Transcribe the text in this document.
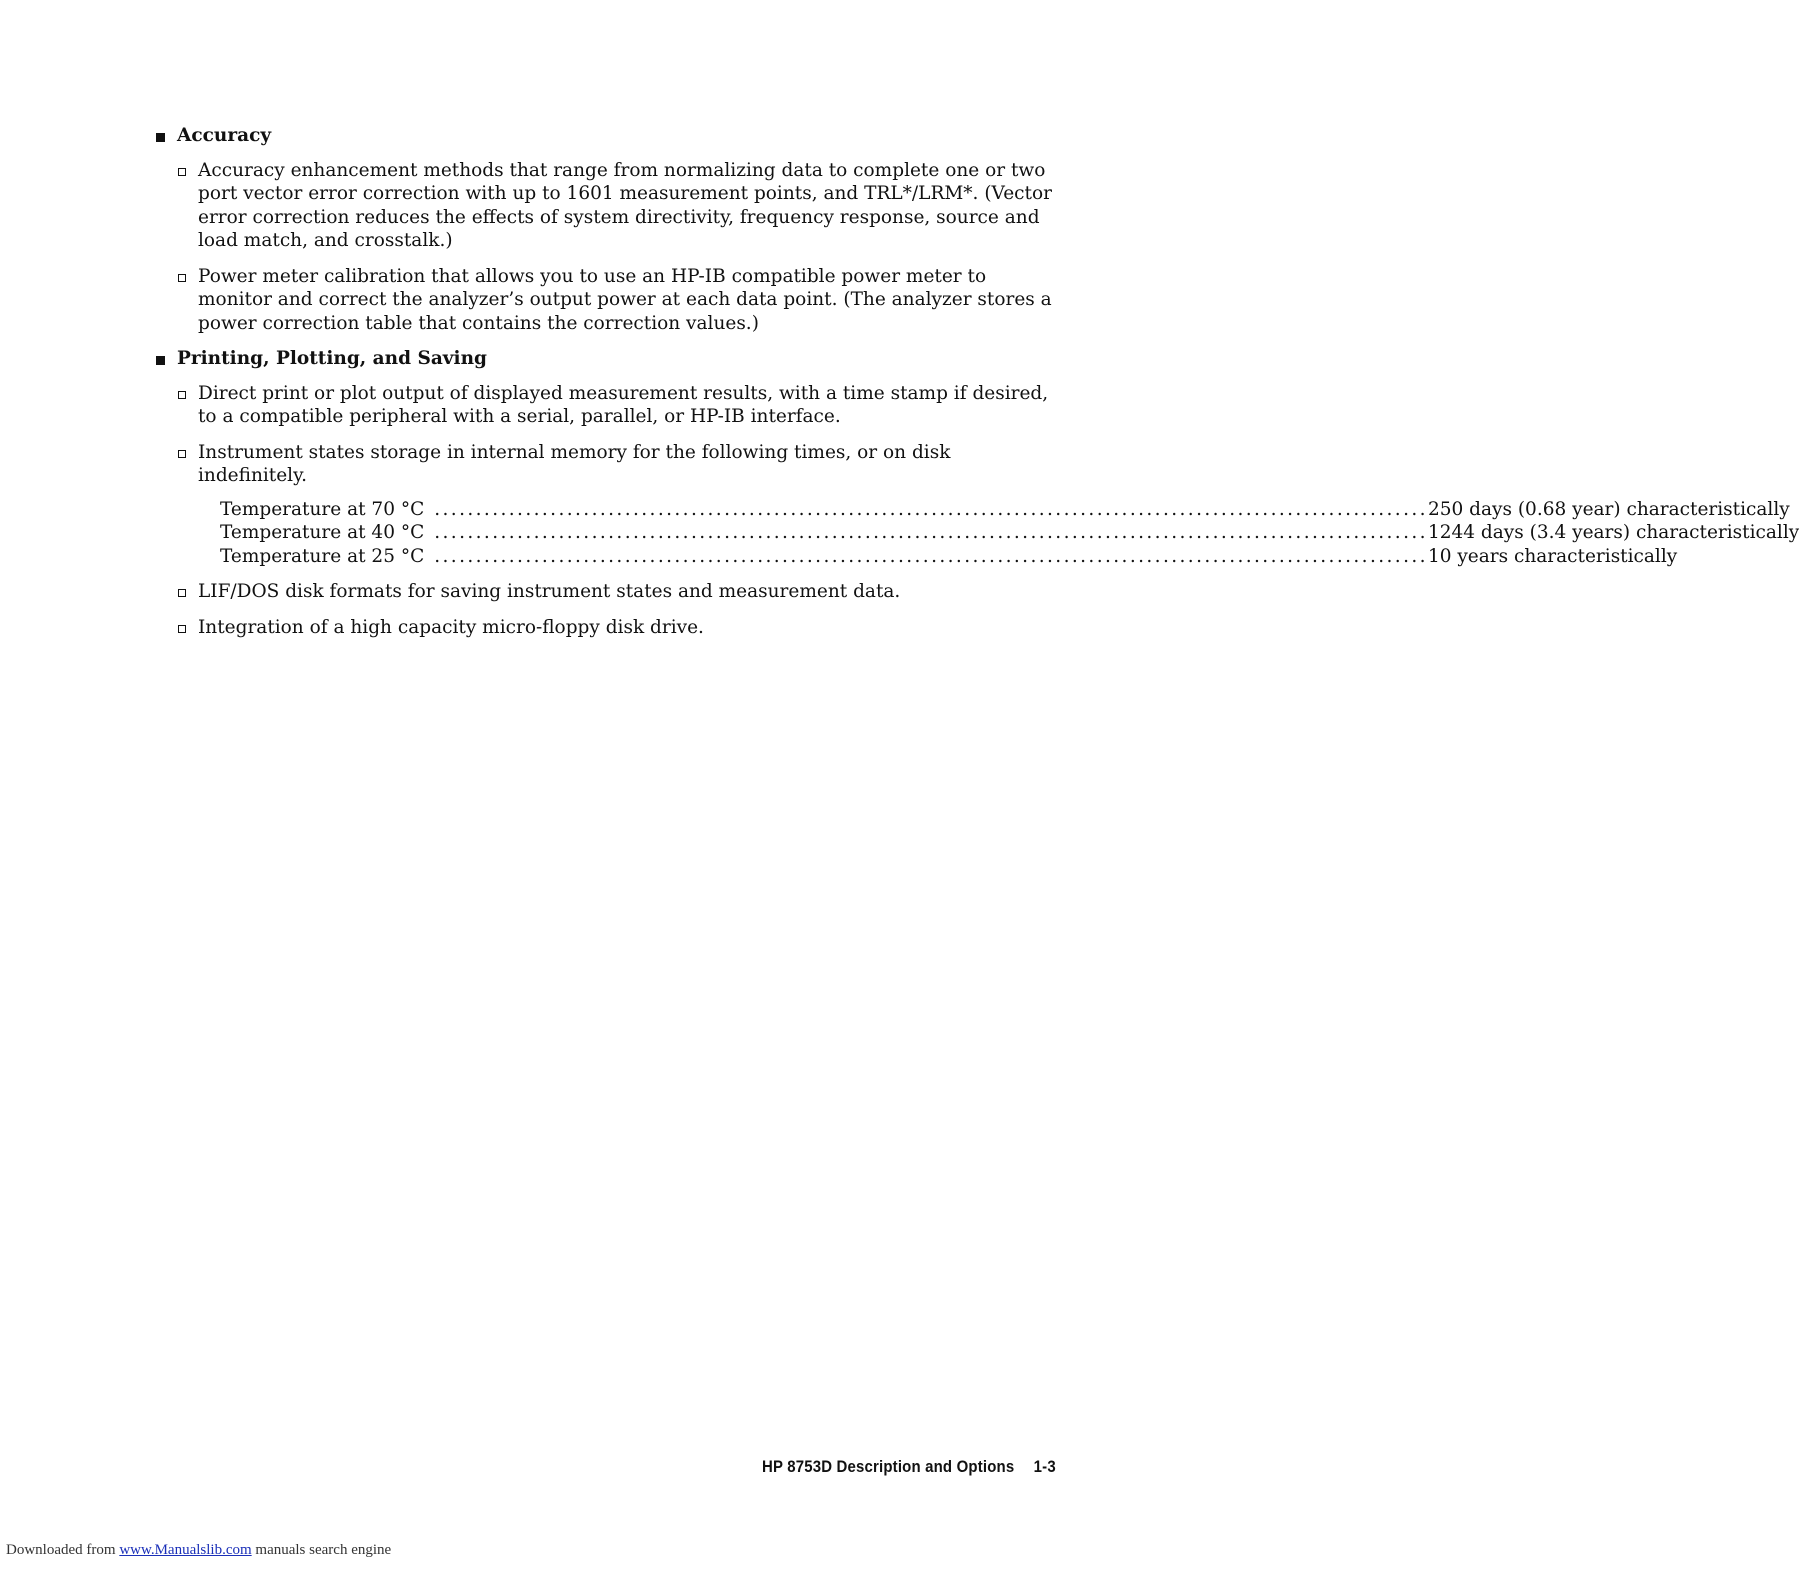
Accuracy
Accuracy enhancement methods that range from normalizing data to complete one or two port vector error correction with up to 1601 measurement points, and TRL*/LRM*. (Vector error correction reduces the effects of system directivity, frequency response, source and load match, and crosstalk.)
Power meter calibration that allows you to use an HP-IB compatible power meter to monitor and correct the analyzer’s output power at each data point. (The analyzer stores a power correction table that contains the correction values.)
Printing, Plotting, and Saving
Direct print or plot output of displayed measurement results, with a time stamp if desired, to a compatible peripheral with a serial, parallel, or HP-IB interface.
Instrument states storage in internal memory for the following times, or on disk indefinitely.
Temperature at 70 °C ........................................................................................................................ 250 days (0.68 year) characteristically
Temperature at 40 °C ........................................................................................................................ 1244 days (3.4 years) characteristically
Temperature at 25 °C ........................................................................................................................ 10 years characteristically
LIF/DOS disk formats for saving instrument states and measurement data.
Integration of a high capacity micro-floppy disk drive.
HP 8753D Description and Options 1-3
Downloaded from www.Manualslib.com manuals search engine
